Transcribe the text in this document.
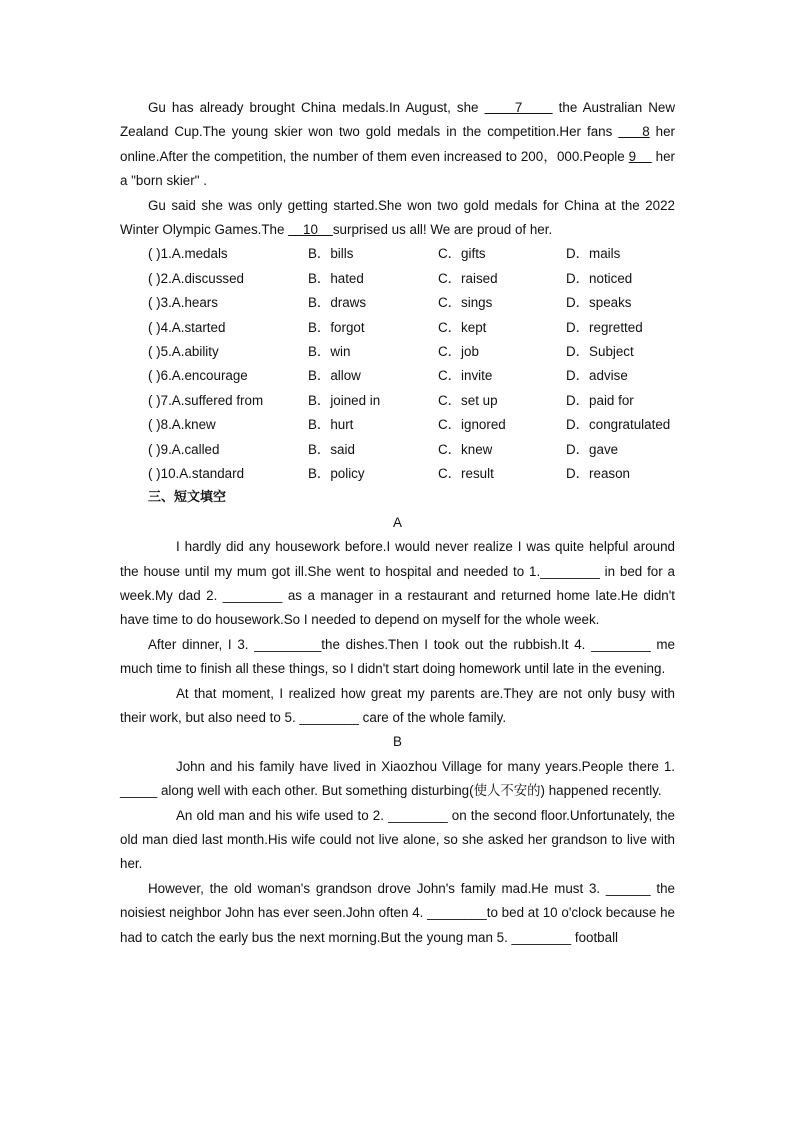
Gu has already brought China medals.In August, she      7      the Australian New Zealand Cup.The young skier won two gold medals in the competition.Her fans     8 her online.After the competition, the number of them even increased to 200，000.People 9     her a "born skier" .

Gu said she was only getting started.She won two gold medals for China at the 2022 Winter Olympic Games.The     10    surprised us all! We are proud of her.

( )1.A.medals	B．bills	C．gifts	D．mails
( )2.A.discussed	B．hated	C．raised	D．noticed
( )3.A.hears	B．draws	C．sings	D．speaks
( )4.A.started	B．forgot	C．kept	D．regretted
( )5.A.ability	B．win	C．job	D．Subject
( )6.A.encourage	B．allow	C．invite	D．advise
( )7.A.suffered from	B．joined in	C．set up	D．paid for
( )8.A.knew	B．hurt	C．ignored	D．congratulated
( )9.A.called	B．said	C．knew	D．gave
( )10.A.standard	B．policy	C．result	D．reason
三、短文填空
A

I hardly did any housework before.I would never realize I was quite helpful around the house until my mum got ill.She went to hospital and needed to 1.________ in bed for a week.My dad 2. ________ as a manager in a restaurant and returned home late.He didn't have time to do housework.So I needed to depend on myself for the whole week.

After dinner, I 3. _________the dishes.Then I took out the rubbish.It 4. ________ me much time to finish all these things, so I didn't start doing homework until late in the evening.

At that moment, I realized how great my parents are.They are not only busy with their work, but also need to 5. ________ care of the whole family.

B

John and his family have lived in Xiaozhou Village for many years.People there 1. _____ along well with each other. But something disturbing(使人不安的) happened recently.

An old man and his wife used to 2. ________ on the second floor.Unfortunately, the old man died last month.His wife could not live alone, so she asked her grandson to live with her.

However, the old woman's grandson drove John's family mad.He must 3. ______ the noisiest neighbor John has ever seen.John often 4. ________to bed at 10 o'clock because he had to catch the early bus the next morning.But the young man 5. ________ football
